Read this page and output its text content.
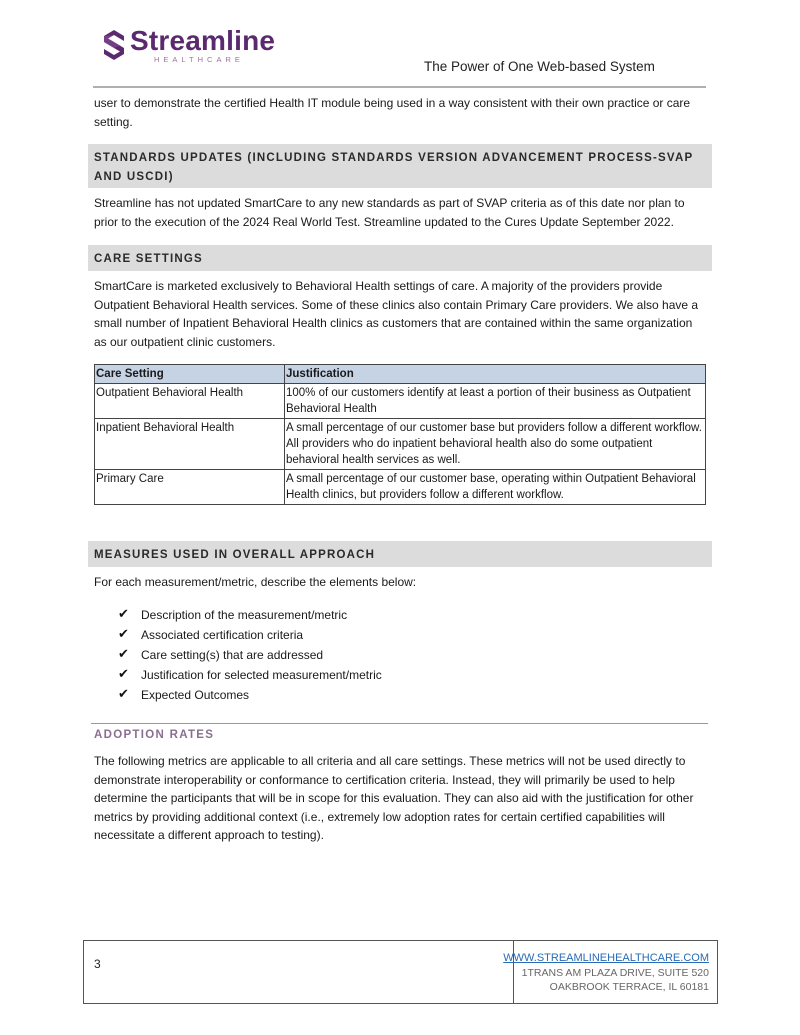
Streamline
HEALTHCARE	The Power of One Web-based System

user to demonstrate the certified Health IT module being used in a way consistent with their own practice or care setting.

STANDARDS UPDATES (INCLUDING STANDARDS VERSION ADVANCEMENT PROCESS-SVAP AND USCDI)

Streamline has not updated SmartCare to any new standards as part of SVAP criteria as of this date nor plan to prior to the execution of the 2024 Real World Test. Streamline updated to the Cures Update September 2022.

CARE SETTINGS

SmartCare is marketed exclusively to Behavioral Health settings of care. A majority of the providers provide Outpatient Behavioral Health services. Some of these clinics also contain Primary Care providers. We also have a small number of Inpatient Behavioral Health clinics as customers that are contained within the same organization as our outpatient clinic customers.

Care Setting	Justification
Outpatient Behavioral Health	100% of our customers identify at least a portion of their business as Outpatient Behavioral Health
Inpatient Behavioral Health	A small percentage of our customer base but providers follow a different workflow. All providers who do inpatient behavioral health also do some outpatient behavioral health services as well.
Primary Care	A small percentage of our customer base, operating within Outpatient Behavioral Health clinics, but providers follow a different workflow.
MEASURES USED IN OVERALL APPROACH

For each measurement/metric, describe the elements below:

✔	Description of the measurement/metric
✔	Associated certification criteria
✔	Care setting(s) that are addressed
✔	Justification for selected measurement/metric
✔	Expected Outcomes
ADOPTION RATES

The following metrics are applicable to all criteria and all care settings. These metrics will not be used directly to demonstrate interoperability or conformance to certification criteria. Instead, they will primarily be used to help determine the participants that will be in scope for this evaluation. They can also aid with the justification for other metrics by providing additional context (i.e., extremely low adoption rates for certain certified capabilities will necessitate a different approach to testing).

3	WWW.STREAMLINEHEALTHCARE.COM
1TRANS AM PLAZA DRIVE, SUITE 520
OAKBROOK TERRACE, IL 60181
